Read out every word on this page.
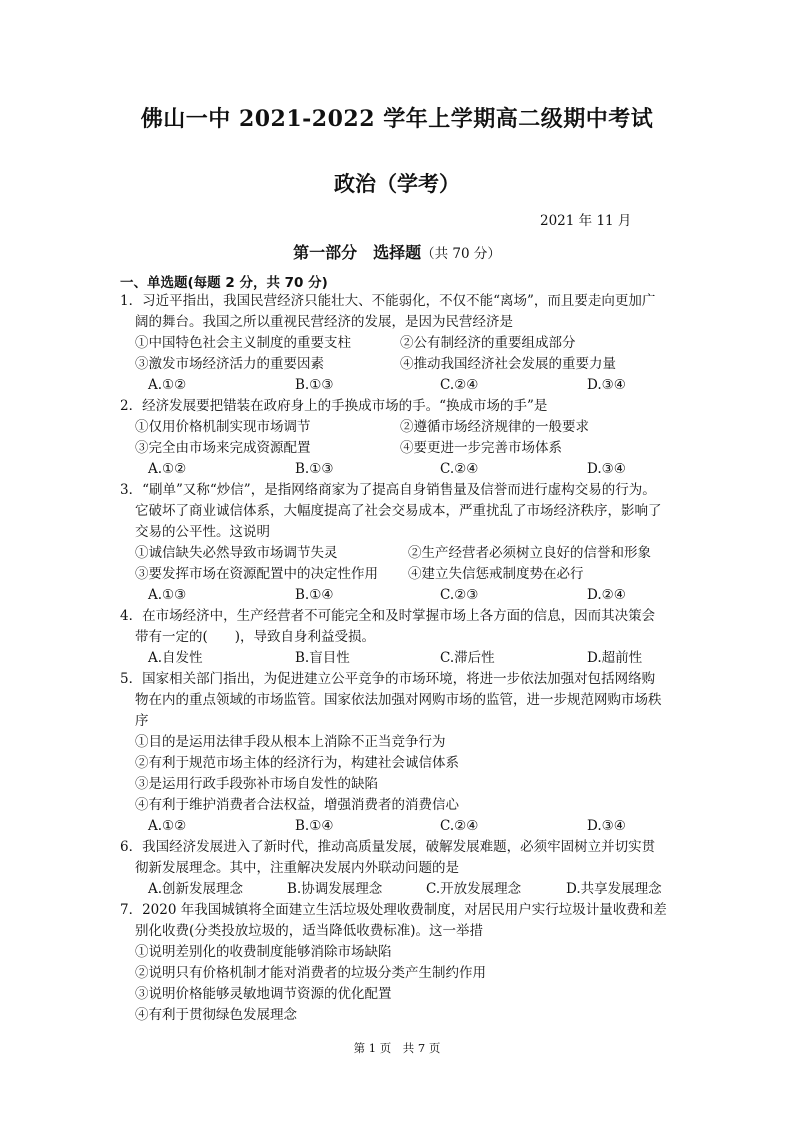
佛山一中 2021-2022 学年上学期高二级期中考试
政治（学考）
2021 年 11 月
第一部分　选择题（共 70 分）
一、单选题(每题 2 分，共 70 分)
1．习近平指出，我国民营经济只能壮大、不能弱化，不仅不能“离场”，而且要走向更加广
阔的舞台。我国之所以重视民营经济的发展，是因为民营经济是
①中国特色社会主义制度的重要支柱	②公有制经济的重要组成部分
③激发市场经济活力的重要因素	④推动我国经济社会发展的重要力量
A.①②	B.①③	C.②④	D.③④
2．经济发展要把错装在政府身上的手换成市场的手。“换成市场的手”是
①仅用价格机制实现市场调节	②遵循市场经济规律的一般要求
③完全由市场来完成资源配置	④要更进一步完善市场体系
A.①②	B.①③	C.②④	D.③④
3．“刷单”又称“炒信”，是指网络商家为了提高自身销售量及信誉而进行虚构交易的行为。
它破坏了商业诚信体系，大幅度提高了社会交易成本，严重扰乱了市场经济秩序，影响了
交易的公平性。这说明
①诚信缺失必然导致市场调节失灵	②生产经营者必须树立良好的信誉和形象
③要发挥市场在资源配置中的决定性作用 ④建立失信惩戒制度势在必行
A.①③	B.①④	C.②③	D.②④
4．在市场经济中，生产经营者不可能完全和及时掌握市场上各方面的信息，因而其决策会
带有一定的(　　)，导致自身利益受损。
A.自发性	B.盲目性	C.滞后性	D.超前性
5．国家相关部门指出，为促进建立公平竞争的市场环境，将进一步依法加强对包括网络购
物在内的重点领域的市场监管。国家依法加强对网购市场的监管，进一步规范网购市场秩
序
①目的是运用法律手段从根本上消除不正当竞争行为
②有利于规范市场主体的经济行为，构建社会诚信体系
③是运用行政手段弥补市场自发性的缺陷
④有利于维护消费者合法权益，增强消费者的消费信心
A.①②	B.①④	C.②④	D.③④
6．我国经济发展进入了新时代，推动高质量发展，破解发展难题，必须牢固树立并切实贯
彻新发展理念。其中，注重解决发展内外联动问题的是
A.创新发展理念	B.协调发展理念	C.开放发展理念	D.共享发展理念
7．2020 年我国城镇将全面建立生活垃圾处理收费制度，对居民用户实行垃圾计量收费和差
别化收费(分类投放垃圾的，适当降低收费标准)。这一举措
①说明差别化的收费制度能够消除市场缺陷
②说明只有价格机制才能对消费者的垃圾分类产生制约作用
③说明价格能够灵敏地调节资源的优化配置
④有利于贯彻绿色发展理念
第 1 页　共 7 页
